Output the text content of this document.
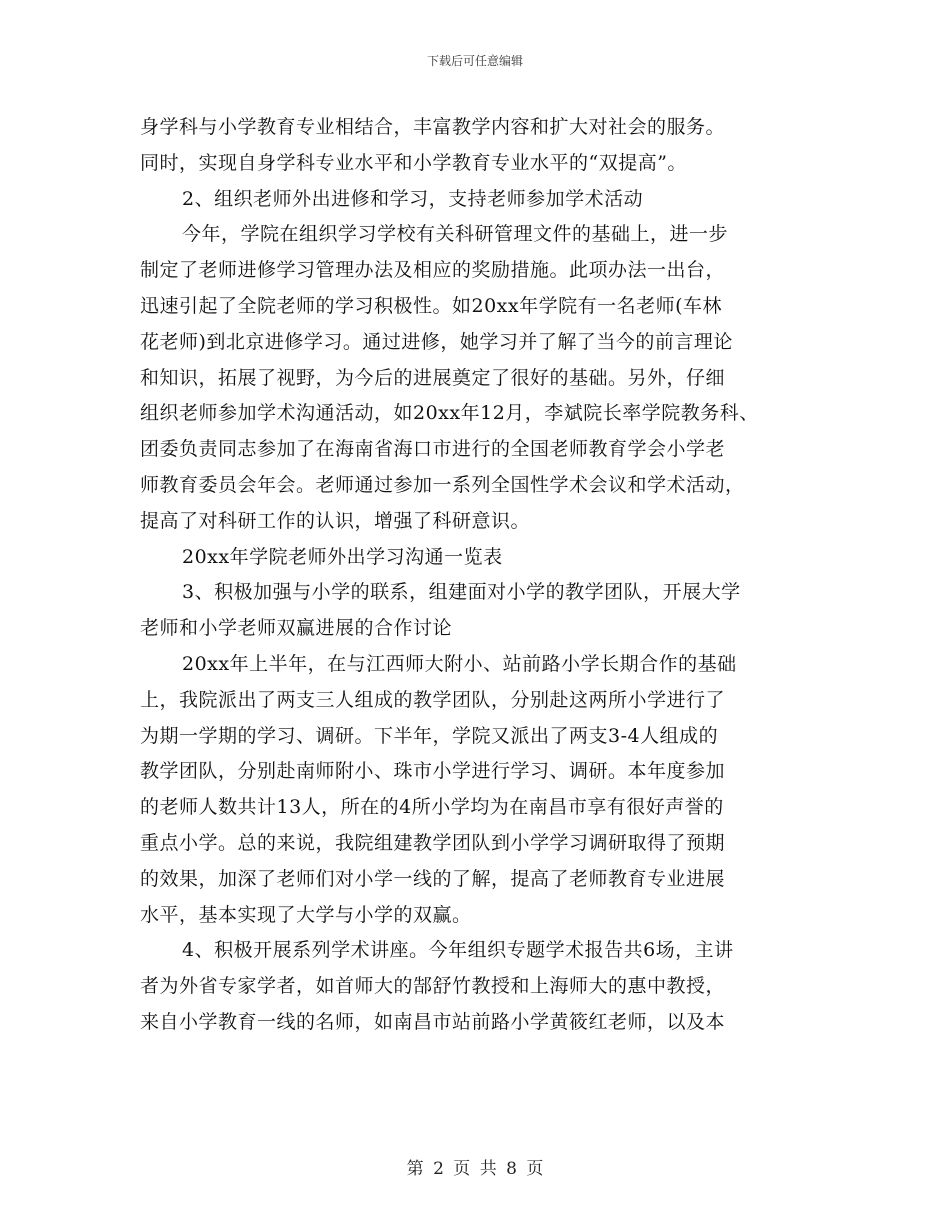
下载后可任意编辑
身学科与小学教育专业相结合，丰富教学内容和扩大对社会的服务。
同时，实现自身学科专业水平和小学教育专业水平的“双提高”。
2、组织老师外出进修和学习，支持老师参加学术活动
今年，学院在组织学习学校有关科研管理文件的基础上，进一步
制定了老师进修学习管理办法及相应的奖励措施。此项办法一出台，
迅速引起了全院老师的学习积极性。如20xx年学院有一名老师(车林
花老师)到北京进修学习。通过进修，她学习并了解了当今的前言理论
和知识，拓展了视野，为今后的进展奠定了很好的基础。另外，仔细
组织老师参加学术沟通活动，如20xx年12月，李斌院长率学院教务科、
团委负责同志参加了在海南省海口市进行的全国老师教育学会小学老
师教育委员会年会。老师通过参加一系列全国性学术会议和学术活动，
提高了对科研工作的认识，增强了科研意识。
20xx年学院老师外出学习沟通一览表
3、积极加强与小学的联系，组建面对小学的教学团队，开展大学
老师和小学老师双赢进展的合作讨论
20xx年上半年，在与江西师大附小、站前路小学长期合作的基础
上，我院派出了两支三人组成的教学团队，分别赴这两所小学进行了
为期一学期的学习、调研。下半年，学院又派出了两支3-4人组成的
教学团队，分别赴南师附小、珠市小学进行学习、调研。本年度参加
的老师人数共计13人，所在的4所小学均为在南昌市享有很好声誉的
重点小学。总的来说，我院组建教学团队到小学学习调研取得了预期
的效果，加深了老师们对小学一线的了解，提高了老师教育专业进展
水平，基本实现了大学与小学的双赢。
4、积极开展系列学术讲座。今年组织专题学术报告共6场，主讲
者为外省专家学者，如首师大的郜舒竹教授和上海师大的惠中教授，
来自小学教育一线的名师，如南昌市站前路小学黄筱红老师，以及本
第 2 页 共 8 页
